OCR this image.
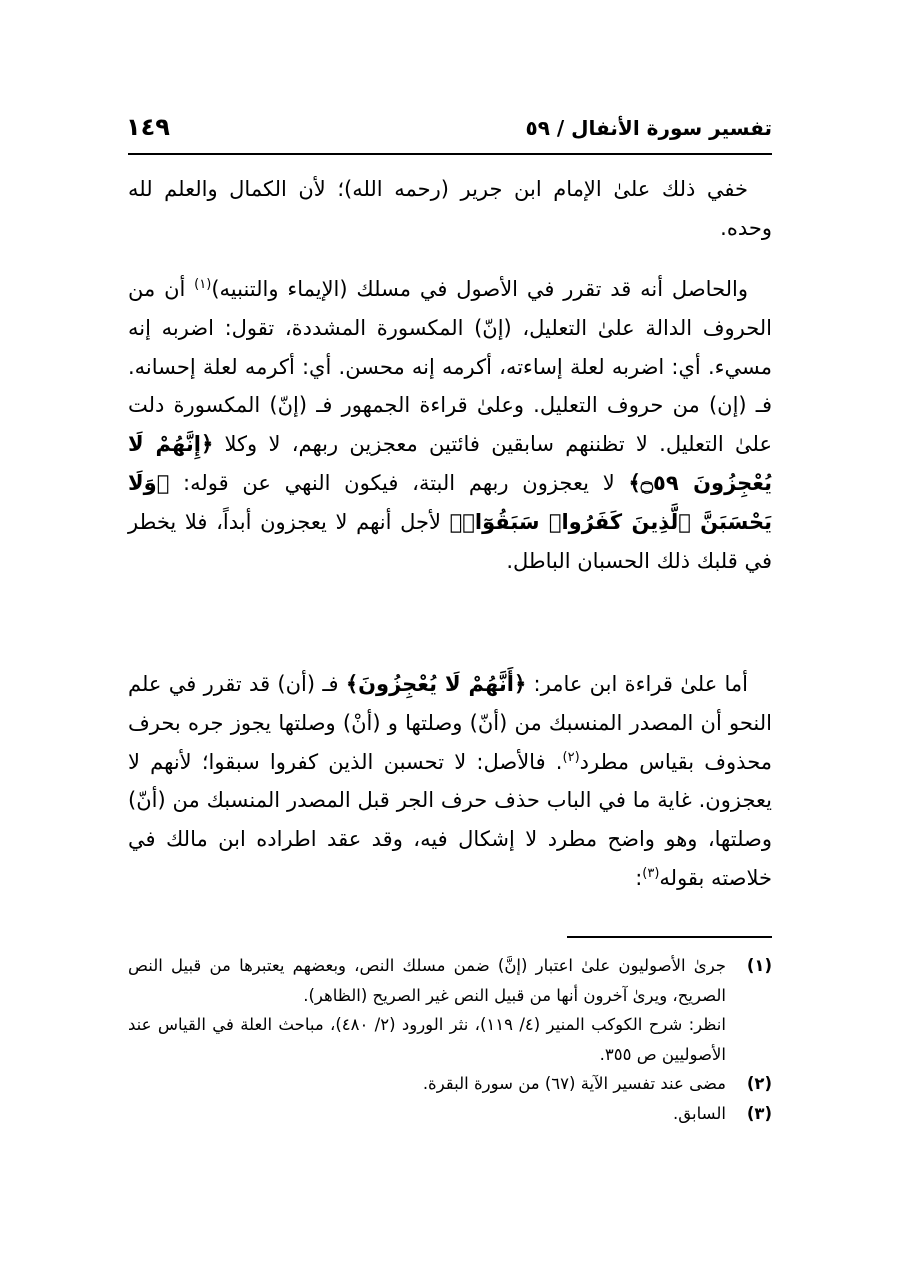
تفسير سورة الأنفال / ٥٩
١٤٩
خفي ذلك علىٰ الإمام ابن جرير (رحمه الله)؛ لأن الكمال والعلم لله وحده.
والحاصل أنه قد تقرر في الأصول في مسلك (الإيماء والتنبيه)$^{(١)}$ أن من الحروف الدالة علىٰ التعليل، (إنّ) المكسورة المشددة، تقول: اضربه إنه مسيء. أي: اضربه لعلة إساءته، أكرمه إنه محسن. أي: أكرمه لعلة إحسانه. فـ (إن) من حروف التعليل. وعلىٰ قراءة الجمهور فـ (إنّ) المكسورة دلت علىٰ التعليل. لا تظننهم سابقين فائتين معجزين ربهم، لا وكلا ﴿إِنَّهُمْ لَا يُعْجِزُونَ ۝٥٩﴾ لا يعجزون ربهم البتة، فيكون النهي عن قوله: ﴿وَلَا يَحْسَبَنَّ ٱلَّذِينَ كَفَرُوا۟ سَبَقُوٓا۟﴾ لأجل أنهم لا يعجزون أبداً، فلا يخطر في قلبك ذلك الحسبان الباطل.
أما علىٰ قراءة ابن عامر: ﴿أَنَّهُمْ لَا يُعْجِزُونَ﴾ فـ (أن) قد تقرر في علم النحو أن المصدر المنسبك من (أنّ) وصلتها و (أنْ) وصلتها يجوز جره بحرف محذوف بقياس مطرد$^{(٢)}$. فالأصل: لا تحسبن الذين كفروا سبقوا؛ لأنهم لا يعجزون. غاية ما في الباب حذف حرف الجر قبل المصدر المنسبك من (أنّ) وصلتها، وهو واضح مطرد لا إشكال فيه، وقد عقد اطراده ابن مالك في خلاصته بقوله$^{(٣)}$:
(١)
جرىٰ الأصوليون علىٰ اعتبار (إنَّ) ضمن مسلك النص، وبعضهم يعتبرها من قبيل النص الصريح، ويرىٰ آخرون أنها من قبيل النص غير الصريح (الظاهر).
انظر: شرح الكوكب المنير (٤/ ١١٩)، نثر الورود (٢/ ٤٨٠)، مباحث العلة في القياس عند الأصوليين ص ٣٥٥.
(٢)
مضى عند تفسير الآية (٦٧) من سورة البقرة.
(٣)
السابق.
